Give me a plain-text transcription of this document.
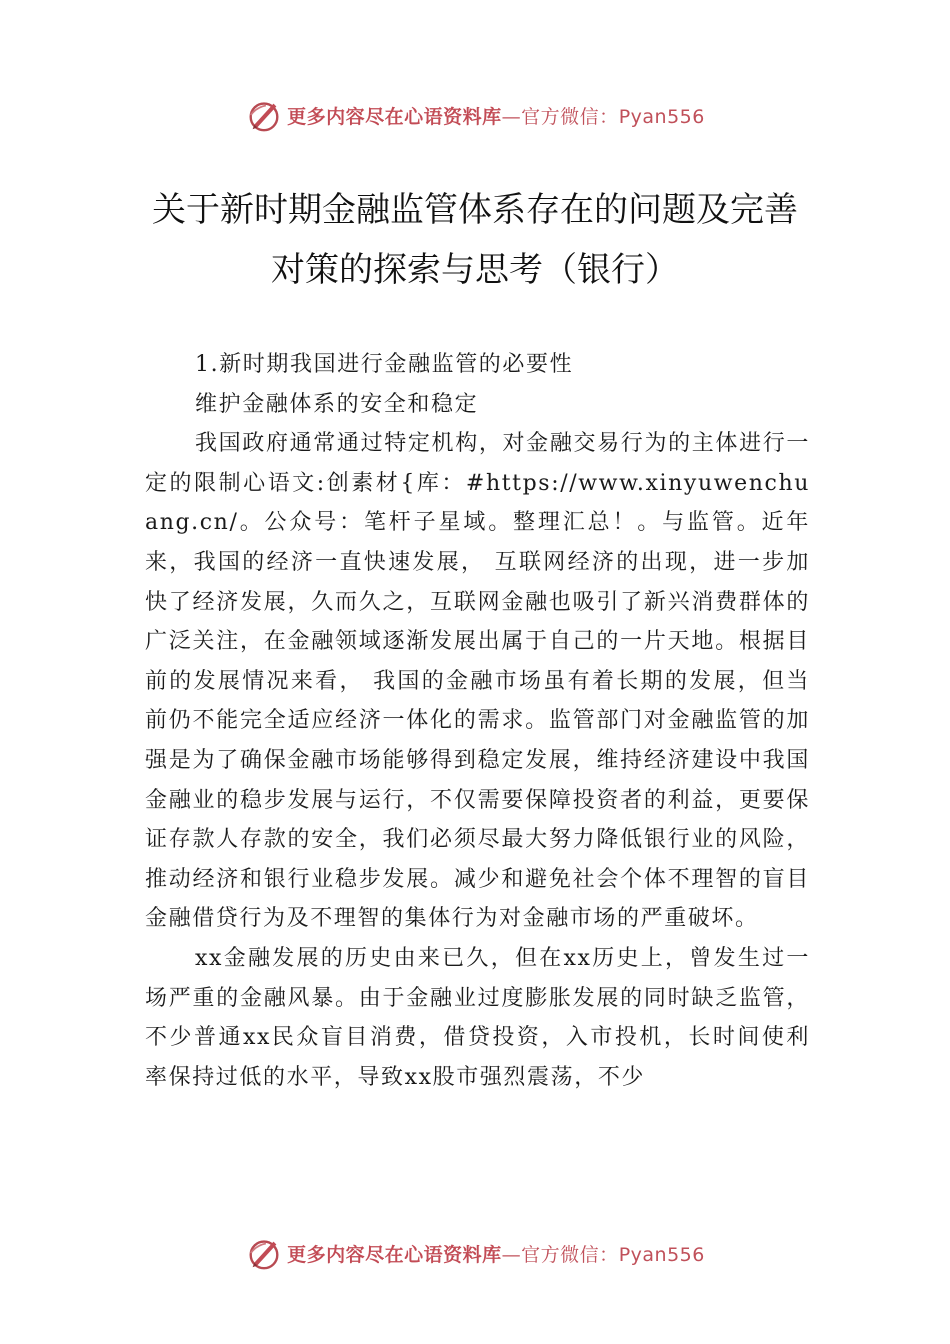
更多内容尽在心语资料库—官方微信：Pyan556
关于新时期金融监管体系存在的问题及完善对策的探索与思考（银行）

1.新时期我国进行金融监管的必要性

维护金融体系的安全和稳定

我国政府通常通过特定机构，对金融交易行为的主体进行一定的限制心语文:创素材{库：#https://www.xinyuwenchuang.cn/。公众号：笔杆子星域。整理汇总！。与监管。近年来，我国的经济一直快速发展， 互联网经济的出现，进一步加快了经济发展，久而久之，互联网金融也吸引了新兴消费群体的广泛关注，在金融领域逐渐发展出属于自己的一片天地。根据目前的发展情况来看， 我国的金融市场虽有着长期的发展，但当前仍不能完全适应经济一体化的需求。监管部门对金融监管的加强是为了确保金融市场能够得到稳定发展，维持经济建设中我国金融业的稳步发展与运行，不仅需要保障投资者的利益，更要保证存款人存款的安全，我们必须尽最大努力降低银行业的风险，推动经济和银行业稳步发展。减少和避免社会个体不理智的盲目金融借贷行为及不理智的集体行为对金融市场的严重破坏。

xx金融发展的历史由来已久，但在xx历史上，曾发生过一场严重的金融风暴。由于金融业过度膨胀发展的同时缺乏监管，不少普通xx民众盲目消费，借贷投资，入市投机，长时间使利率保持过低的水平，导致xx股市强烈震荡，不少

更多内容尽在心语资料库—官方微信：Pyan556
